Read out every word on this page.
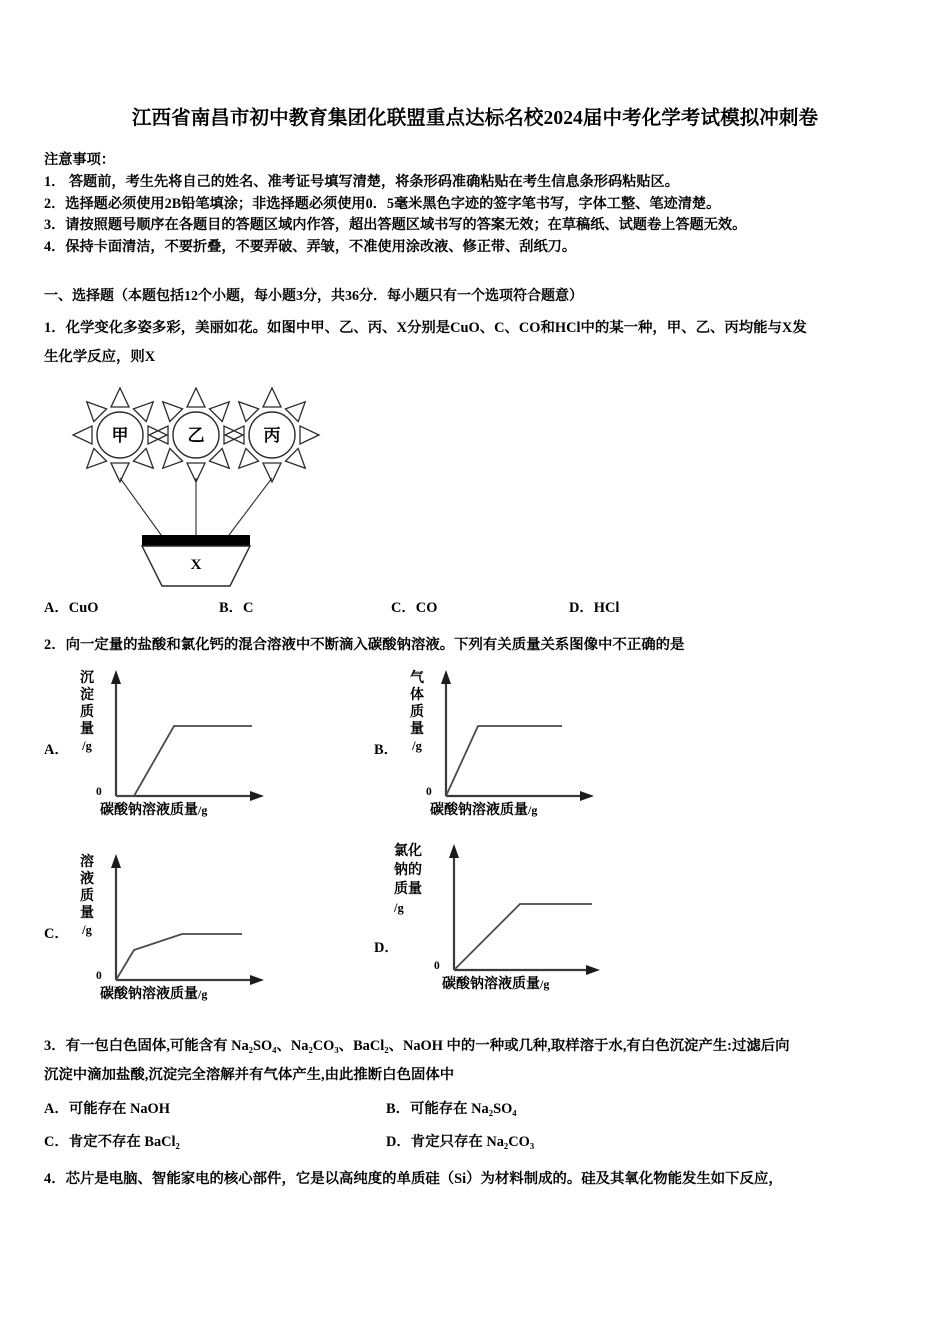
江西省南昌市初中教育集团化联盟重点达标名校2024届中考化学考试模拟冲刺卷
注意事项：
1． 答题前，考生先将自己的姓名、准考证号填写清楚，将条形码准确粘贴在考生信息条形码粘贴区。
2．选择题必须使用2B铅笔填涂；非选择题必须使用0．5毫米黑色字迹的签字笔书写，字体工整、笔迹清楚。
3．请按照题号顺序在各题目的答题区域内作答，超出答题区域书写的答案无效；在草稿纸、试题卷上答题无效。
4．保持卡面清洁，不要折叠，不要弄破、弄皱，不准使用涂改液、修正带、刮纸刀。
一、选择题（本题包括12个小题，每小题3分，共36分．每小题只有一个选项符合题意）
1．化学变化多姿多彩，美丽如花。如图中甲、乙、丙、X分别是CuO、C、CO和HCl中的某一种，甲、乙、丙均能与X发
生化学反应，则X
甲	乙	丙
X
A．CuO	B．C	C．CO	D．HCl
2．向一定量的盐酸和氯化钙的混合溶液中不断滴入碳酸钠溶液。下列有关质量关系图像中不正确的是
A．
沉
淀
质
量
/g
0
碳酸钠溶液质量/g
B．
气
体
质
量
/g
0
碳酸钠溶液质量/g
C．
溶
液
质
量
/g
0
碳酸钠溶液质量/g
D．
氯化
钠的
质量
/g
0
碳酸钠溶液质量/g
3．有一包白色固体,可能含有 Na₂SO₄、Na₂CO₃、BaCl₂、NaOH 中的一种或几种,取样溶于水,有白色沉淀产生:过滤后向
沉淀中滴加盐酸,沉淀完全溶解并有气体产生,由此推断白色固体中
A．可能存在 NaOH	B．可能存在 Na₂SO₄
C．肯定不存在 BaCl₂	D．肯定只存在 Na₂CO₃
4．芯片是电脑、智能家电的核心部件，它是以高纯度的单质硅（Si）为材料制成的。硅及其氧化物能发生如下反应，
